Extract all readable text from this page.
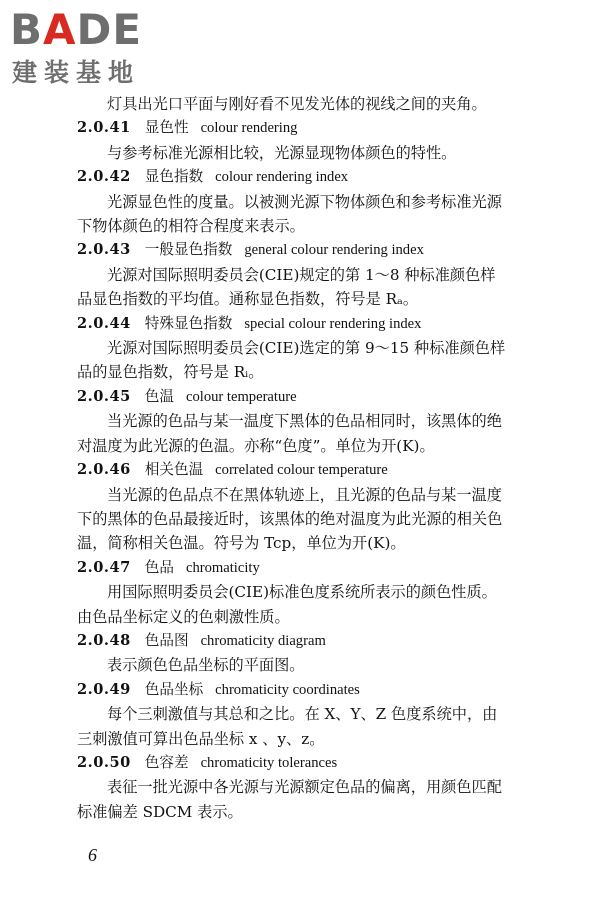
BADE
建装基地
灯具出光口平面与刚好看不见发光体的视线之间的夹角。
2.0.41 显色性 colour rendering
与参考标准光源相比较，光源显现物体颜色的特性。
2.0.42 显色指数 colour rendering index
光源显色性的度量。以被测光源下物体颜色和参考标准光源
下物体颜色的相符合程度来表示。
2.0.43 一般显色指数 general colour rendering index
光源对国际照明委员会(CIE)规定的第 1～8 种标准颜色样
品显色指数的平均值。通称显色指数，符号是 Rₐ。
2.0.44 特殊显色指数 special colour rendering index
光源对国际照明委员会(CIE)选定的第 9～15 种标准颜色样
品的显色指数，符号是 Rᵢ。
2.0.45 色温 colour temperature
当光源的色品与某一温度下黑体的色品相同时，该黑体的绝
对温度为此光源的色温。亦称“色度”。单位为开(K)。
2.0.46 相关色温 correlated colour temperature
当光源的色品点不在黑体轨迹上，且光源的色品与某一温度
下的黑体的色品最接近时，该黑体的绝对温度为此光源的相关色
温，简称相关色温。符号为 Tcp，单位为开(K)。
2.0.47 色品 chromaticity
用国际照明委员会(CIE)标准色度系统所表示的颜色性质。
由色品坐标定义的色刺激性质。
2.0.48 色品图 chromaticity diagram
表示颜色色品坐标的平面图。
2.0.49 色品坐标 chromaticity coordinates
每个三刺激值与其总和之比。在 X、Y、Z 色度系统中，由
三刺激值可算出色品坐标 x 、y、z。
2.0.50 色容差 chromaticity tolerances
表征一批光源中各光源与光源额定色品的偏离，用颜色匹配
标准偏差 SDCM 表示。
6
